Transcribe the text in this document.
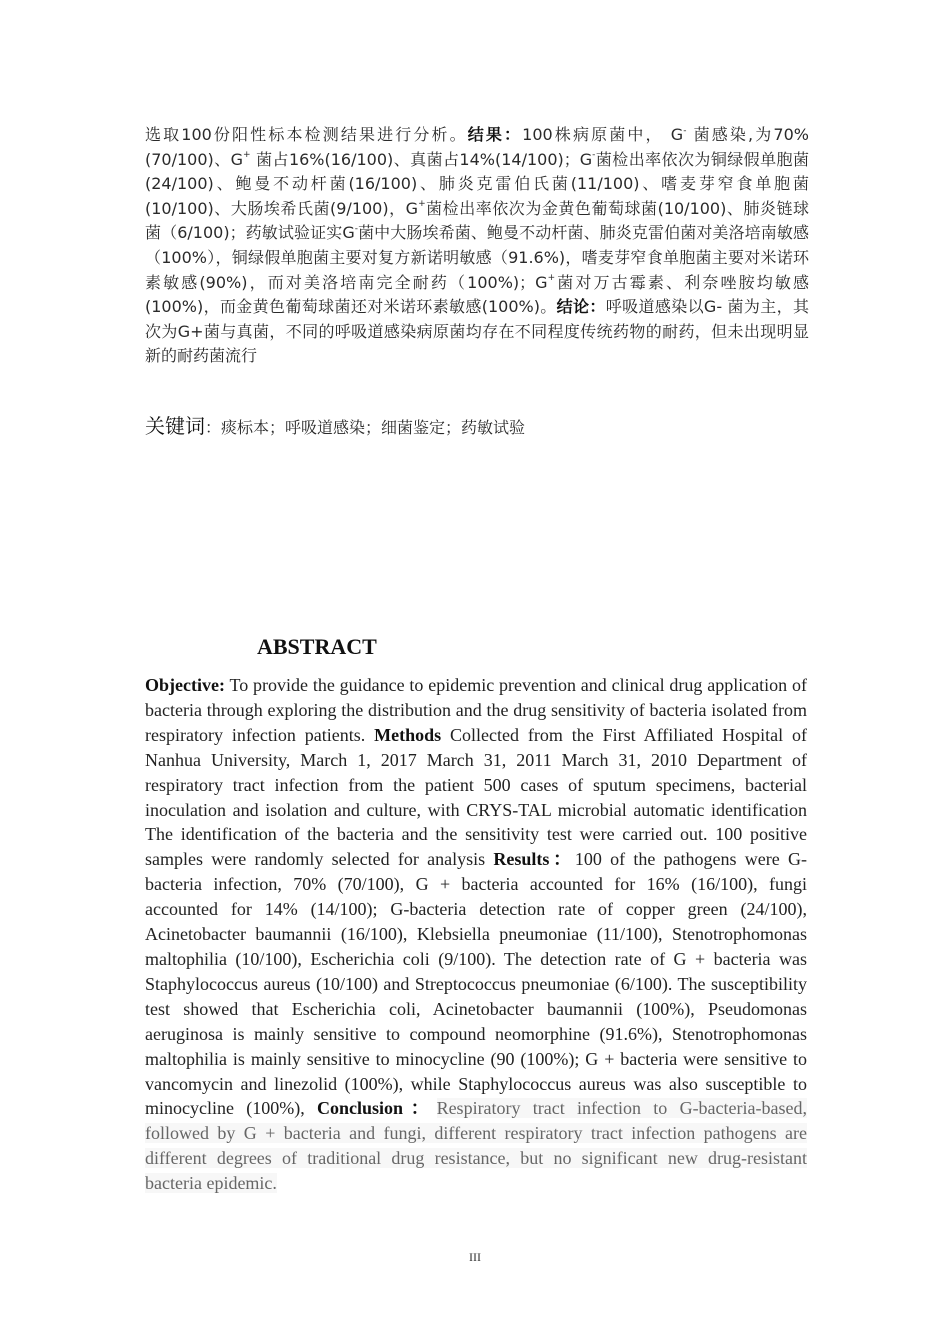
选取100份阳性标本检测结果进行分析。结果：100株病原菌中， G- 菌感染,为70%(70/100)、G+ 菌占16%(16/100)、真菌占14%(14/100)；G-菌检出率依次为铜绿假单胞菌(24/100)、鲍曼不动杆菌(16/100)、肺炎克雷伯氏菌(11/100)、嗜麦芽窄食单胞菌(10/100)、大肠埃希氏菌(9/100)，G+菌检出率依次为金黄色葡萄球菌(10/100)、肺炎链球菌（6/100)；药敏试验证实G-菌中大肠埃希菌、鲍曼不动杆菌、肺炎克雷伯菌对美洛培南敏感（100%），铜绿假单胞菌主要对复方新诺明敏感（91.6%)，嗜麦芽窄食单胞菌主要对米诺环素敏感(90%)，而对美洛培南完全耐药（100%)；G+菌对万古霉素、利奈唑胺均敏感(100%)，而金黄色葡萄球菌还对米诺环素敏感(100%)。结论：呼吸道感染以G- 菌为主，其次为G+菌与真菌，不同的呼吸道感染病原菌均存在不同程度传统药物的耐药，但未出现明显新的耐药菌流行
关键词：痰标本；呼吸道感染；细菌鉴定；药敏试验
ABSTRACT
Objective: To provide the guidance to epidemic prevention and clinical drug application of bacteria through exploring the distribution and the drug sensitivity of bacteria isolated from respiratory infection patients. Methods Collected from the First Affiliated Hospital of Nanhua University, March 1, 2017 March 31, 2011 March 31, 2010 Department of respiratory tract infection from the patient 500 cases of sputum specimens, bacterial inoculation and isolation and culture, with CRYS-TAL microbial automatic identification The identification of the bacteria and the sensitivity test were carried out. 100 positive samples were randomly selected for analysis Results：100 of the pathogens were G-bacteria infection, 70% (70/100), G + bacteria accounted for 16% (16/100), fungi accounted for 14% (14/100); G-bacteria detection rate of copper green (24/100), Acinetobacter baumannii (16/100), Klebsiella pneumoniae (11/100), Stenotrophomonas maltophilia (10/100), Escherichia coli (9/100). The detection rate of G + bacteria was Staphylococcus aureus (10/100) and Streptococcus pneumoniae (6/100). The susceptibility test showed that Escherichia coli, Acinetobacter baumannii (100%), Pseudomonas aeruginosa is mainly sensitive to compound neomorphine (91.6%), Stenotrophomonas maltophilia is mainly sensitive to minocycline (90 (100%); G + bacteria were sensitive to vancomycin and linezolid (100%), while Staphylococcus aureus was also susceptible to minocycline (100%), Conclusion：Respiratory tract infection to G-bacteria-based, followed by G + bacteria and fungi, different respiratory tract infection pathogens are different degrees of traditional drug resistance, but no significant new drug-resistant bacteria epidemic.
III
